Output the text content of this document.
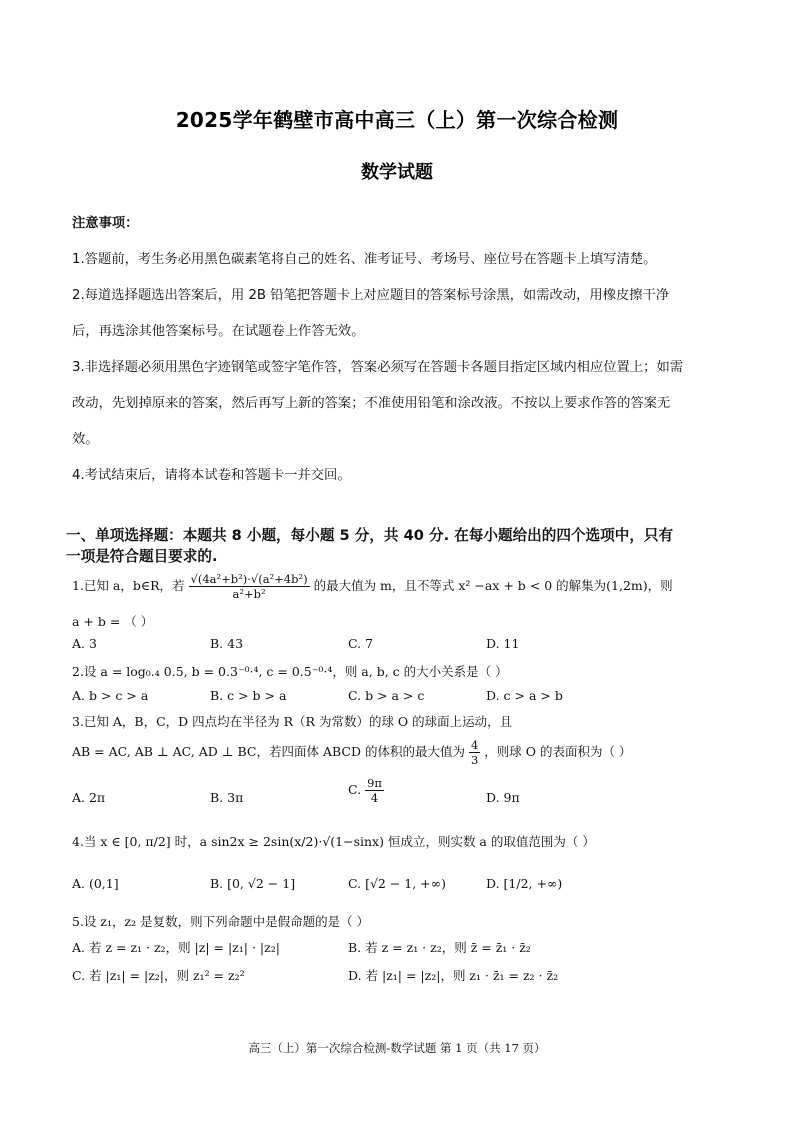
2025学年鹤壁市高中高三（上）第一次综合检测
数学试题
注意事项：
1.答题前，考生务必用黑色碳素笔将自己的姓名、准考证号、考场号、座位号在答题卡上填写清楚。
2.每道选择题选出答案后，用 2B 铅笔把答题卡上对应题目的答案标号涂黑，如需改动，用橡皮擦干净
后，再选涂其他答案标号。在试题卷上作答无效。
3.非选择题必须用黑色字迹钢笔或签字笔作答，答案必须写在答题卡各题目指定区域内相应位置上；如需
改动，先划掉原来的答案，然后再写上新的答案；不准使用铅笔和涂改液。不按以上要求作答的答案无
效。
4.考试结束后，请将本试卷和答题卡一并交回。
一、单项选择题：本题共 8 小题，每小题 5 分，共 40 分. 在每小题给出的四个选项中，只有
一项是符合题目要求的.
1.已知 a，b∈R，若 $\frac{\text{√(4a²+b²)·√(a²+4b²)}}{\text{a²+b²}}$ 的最大值为 m，且不等式 x² −ax + b < 0 的解集为(1,2m)，则
a + b = （ ）
A. 3	B. 43	C. 7	D. 11
2.设 a = log₀.₄ 0.5, b = 0.3⁻⁰·⁴, c = 0.5⁻⁰·⁴，则 a, b, c 的大小关系是（ ）
A. b > c > a	B. c > b > a	C. b > a > c	D. c > a > b
3.已知 A，B，C，D 四点均在半径为 R（R 为常数）的球 O 的球面上运动，且
AB = AC, AB ⊥ AC, AD ⊥ BC，若四面体 ABCD 的体积的最大值为 $\frac{4}{3}$ ，则球 O 的表面积为（ ）
A. 2π	B. 3π
C. $\frac{9\pi}{4}$	D. 9π
4.当 x ∈ [0, π/2] 时，a sin2x ≥ 2sin(x/2)·√(1−sinx) 恒成立，则实数 a 的取值范围为（ ）
A. (0,1]	B. [0, √2 − 1]	C. [√2 − 1, +∞)	D. [1/2, +∞)
5.设 z₁，z₂ 是复数，则下列命题中是假命题的是（ ）
A. 若 z = z₁ · z₂，则 |z| = |z₁| · |z₂|	B. 若 z = z₁ · z₂，则 z̄ = z̄₁ · z̄₂
C. 若 |z₁| = |z₂|，则 z₁² = z₂²	D. 若 |z₁| = |z₂|，则 z₁ · z̄₁ = z₂ · z̄₂
高三（上）第一次综合检测-数学试题 第 1 页（共 17 页）
